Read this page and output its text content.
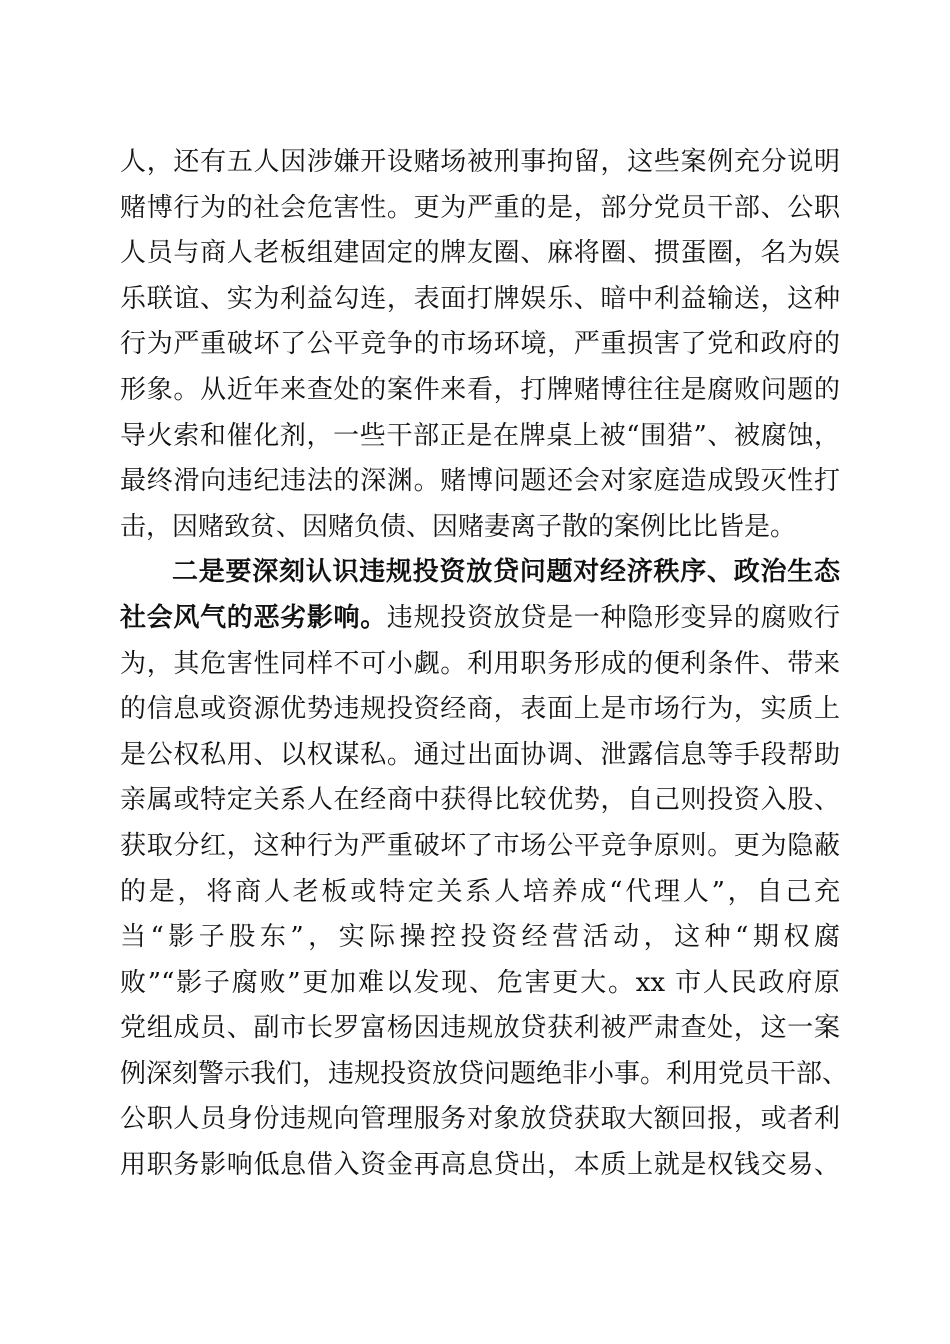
人，还有五人因涉嫌开设赌场被刑事拘留，这些案例充分说明
赌博行为的社会危害性。更为严重的是，部分党员干部、公职
人员与商人老板组建固定的牌友圈、麻将圈、掼蛋圈，名为娱
乐联谊、实为利益勾连，表面打牌娱乐、暗中利益输送，这种
行为严重破坏了公平竞争的市场环境，严重损害了党和政府的
形象。从近年来查处的案件来看，打牌赌博往往是腐败问题的
导火索和催化剂，一些干部正是在牌桌上被“围猎”、被腐蚀，
最终滑向违纪违法的深渊。赌博问题还会对家庭造成毁灭性打
击，因赌致贫、因赌负债、因赌妻离子散的案例比比皆是。
二是要深刻认识违规投资放贷问题对经济秩序、政治生态
社会风气的恶劣影响。违规投资放贷是一种隐形变异的腐败行
为，其危害性同样不可小觑。利用职务形成的便利条件、带来
的信息或资源优势违规投资经商，表面上是市场行为，实质上
是公权私用、以权谋私。通过出面协调、泄露信息等手段帮助
亲属或特定关系人在经商中获得比较优势，自己则投资入股、
获取分红，这种行为严重破坏了市场公平竞争原则。更为隐蔽
的是，将商人老板或特定关系人培养成“代理人”，自己充
当“影子股东”，实际操控投资经营活动，这种“期权腐
败”“影子腐败”更加难以发现、危害更大。xx 市人民政府原
党组成员、副市长罗富杨因违规放贷获利被严肃查处，这一案
例深刻警示我们，违规投资放贷问题绝非小事。利用党员干部、
公职人员身份违规向管理服务对象放贷获取大额回报，或者利
用职务影响低息借入资金再高息贷出，本质上就是权钱交易、
